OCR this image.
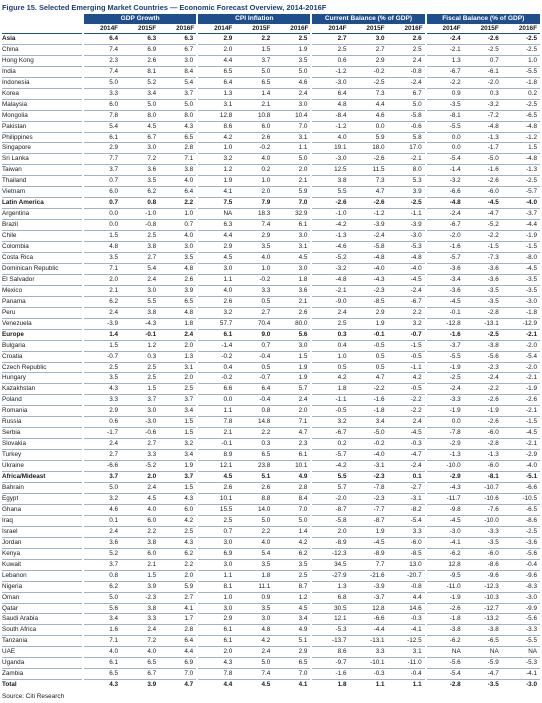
Figure 15. Selected Emerging Market Countries — Economic Forecast Overview, 2014-2016F
	GDP Growth			CPI Inflation			Current Balance (% of GDP)			Fiscal Balance (% of GDP)		
	2014F	2015F	2016F	2014F	2015F	2016F	2014F	2015F	2016F	2014F	2015F	2016F
Asia	6.4	6.3	6.3	2.9	2.2	2.5	2.7	3.0	2.6	-2.4	-2.6	-2.5
China	7.4	6.9	6.7	2.0	1.5	1.9	2.5	2.7	2.5	-2.1	-2.5	-2.5
Hong Kong	2.3	2.6	3.0	4.4	3.7	3.5	0.6	2.9	2.4	1.3	0.7	1.0
India	7.4	8.1	8.4	6.5	5.0	5.0	-1.2	-0.2	-0.8	-6.7	-6.1	-5.5
Indonesia	5.0	5.2	5.4	6.4	6.5	4.6	-3.0	-2.5	-2.4	-2.2	-2.0	-1.8
Korea	3.3	3.4	3.7	1.3	1.4	2.4	6.4	7.3	6.7	0.9	0.3	0.2
Malaysia	6.0	5.0	5.0	3.1	2.1	3.0	4.8	4.4	5.0	-3.5	-3.2	-2.5
Mongolia	7.8	8.0	8.0	12.8	10.8	10.4	-8.4	4.6	-5.8	-8.1	-7.2	-6.5
Pakistan	5.4	4.5	4.3	8.6	6.0	7.0	-1.2	0.0	-0.6	-5.5	-4.8	-4.8
Philippines	6.1	6.7	6.5	4.2	2.6	3.1	4.0	5.9	5.8	0.0	-1.3	-1.2
Singapore	2.9	3.0	2.8	1.0	-0.2	1.1	19.1	18.0	17.0	0.0	-1.7	1.5
Sri Lanka	7.7	7.2	7.1	3.2	4.0	5.0	-3.0	-2.6	-2.1	-5.4	-5.0	-4.8
Taiwan	3.7	3.6	3.8	1.2	0.2	2.0	12.5	11.5	8.0	-1.4	-1.6	-1.3
Thailand	0.7	3.5	4.0	1.9	1.0	2.1	3.8	7.3	5.3	-3.2	-2.6	-2.5
Vietnam	6.0	6.2	6.4	4.1	2.0	5.9	5.5	4.7	3.9	-6.6	-6.0	-5.7
Latin America	0.7	0.8	2.2	7.5	7.9	7.0	-2.6	-2.6	-2.5	-4.8	-4.5	-4.0
Argentina	0.0	-1.0	1.0	NA	18.3	32.9	-1.0	-1.2	-1.1	-2.4	-4.7	-3.7
Brazil	0.0	-0.8	0.7	6.3	7.4	6.1	-4.2	-3.9	-3.9	-6.7	-5.2	-4.4
Chile	1.5	2.5	4.0	4.4	2.9	3.0	-1.3	-2.4	-3.0	-2.0	-2.2	-1.9
Colombia	4.8	3.8	3.0	2.9	3.5	3.1	-4.6	-5.8	-5.3	-1.6	-1.5	-1.5
Costa Rica	3.5	2.7	3.5	4.5	4.0	4.5	-5.2	-4.8	-4.8	-5.7	-7.3	-8.0
Dominican Republic	7.1	5.4	4.8	3.0	1.0	3.0	-3.2	-4.0	-4.0	-3.6	-3.6	-4.5
El Salvador	2.0	2.4	2.6	1.1	-0.2	1.8	-4.8	-4.3	-4.5	-3.4	-3.6	-3.5
Mexico	2.1	3.0	3.9	4.0	3.3	3.6	-2.1	-2.3	-2.4	-3.6	-3.5	-3.5
Panama	6.2	5.5	6.5	2.6	0.5	2.1	-9.0	-8.5	-6.7	-4.5	-3.5	-3.0
Peru	2.4	3.8	4.8	3.2	2.7	2.6	2.4	2.9	2.2	-0.1	-2.8	-1.8
Venezuela	-3.9	-4.3	1.8	57.7	70.4	80.0	2.5	1.9	3.2	-12.8	-13.1	-12.9
Europe	1.4	-0.1	2.4	6.1	9.0	5.6	0.3	-0.1	-0.7	-1.6	-2.5	-2.1
Bulgaria	1.5	1.2	2.0	-1.4	0.7	3.0	0.4	-0.5	-1.5	-3.7	-3.8	-2.0
Croatia	-0.7	0.3	1.3	-0.2	-0.4	1.5	1.0	0.5	-0.5	-5.5	-5.6	-5.4
Czech Republic	2.5	2.5	3.1	0.4	0.5	1.9	0.5	0.5	-1.1	-1.9	-2.3	-2.0
Hungary	3.5	2.5	2.0	-0.2	-0.7	1.9	4.2	4.7	4.2	-2.5	-2.4	-2.1
Kazakhstan	4.3	1.5	2.5	6.6	6.4	5.7	1.8	-2.2	-0.5	-2.4	-2.2	-1.9
Poland	3.3	3.7	3.7	0.0	-0.4	2.4	-1.1	-1.6	-2.2	-3.3	-2.6	-2.6
Romania	2.9	3.0	3.4	1.1	0.8	2.0	-0.5	-1.8	-2.2	-1.9	-1.9	-2.1
Russia	0.6	-3.0	1.5	7.8	14.8	7.1	3.2	3.4	2.4	0.0	-2.6	-1.5
Serbia	-1.7	-0.6	1.5	2.1	2.2	4.7	-6.7	-5.0	-4.5	-7.8	-6.0	-4.5
Slovakia	2.4	2.7	3.2	-0.1	0.3	2.3	0.2	-0.2	-0.3	-2.9	-2.8	-2.1
Turkey	2.7	3.3	3.4	8.9	6.5	6.1	-5.7	-4.0	-4.7	-1.3	-1.3	-2.9
Ukraine	-6.6	-5.2	1.9	12.1	23.8	10.1	-4.2	-3.1	-2.4	-10.0	-6.0	-4.0
Africa/Mideast	3.7	2.0	3.7	4.5	5.1	4.9	5.5	-2.3	0.1	-2.9	-8.1	-5.1
Bahrain	5.0	2.4	1.5	2.6	2.6	2.8	5.7	-7.8	-2.7	-4.3	-10.7	-6.6
Egypt	3.2	4.5	4.3	10.1	8.8	8.4	-2.0	-2.3	-3.1	-11.7	-10.6	-10.5
Ghana	4.6	4.0	6.0	15.5	14.0	7.0	-8.7	-7.7	-8.2	-9.8	-7.6	-6.5
Iraq	0.1	6.0	4.2	2.5	5.0	5.0	-5.8	-8.7	-5.4	-4.5	-10.0	-8.6
Israel	2.4	2.2	2.5	0.7	2.2	1.4	2.0	1.9	3.3	-3.0	-3.3	-2.5
Jordan	3.6	3.8	4.3	3.0	4.0	4.2	-8.9	-4.5	-6.0	-4.1	-3.5	-3.6
Kenya	5.2	6.0	6.2	6.9	5.4	6.2	-12.3	-8.9	-8.5	-6.2	-6.0	-5.6
Kuwait	3.7	2.1	2.2	3.0	3.5	3.5	34.5	7.7	13.0	12.8	-8.6	-0.4
Lebanon	0.8	1.5	2.0	1.1	1.8	2.5	-27.9	-21.6	-20.7	-9.5	-9.6	-9.6
Nigeria	6.2	3.9	5.9	8.1	11.1	8.7	1.3	-3.9	-0.8	-11.0	-12.3	-8.3
Oman	5.0	-2.3	2.7	1.0	0.9	1.2	6.8	-3.7	4.4	-1.9	-10.3	-3.0
Qatar	5.6	3.8	4.1	3.0	3.5	4.5	30.5	12.8	14.6	-2.6	-12.7	-9.9
Saudi Arabia	3.4	3.3	1.7	2.9	3.0	3.4	12.1	-6.6	-0.3	-1.8	-13.2	-5.6
South Africa	1.6	2.4	2.8	6.1	4.8	4.9	-5.3	-4.4	-4.1	-3.8	-3.8	-3.3
Tanzania	7.1	7.2	6.4	6.1	4.2	5.1	-13.7	-13.1	-12.5	-6.2	-6.5	-5.5
UAE	4.0	4.0	4.4	2.0	2.4	2.9	8.6	3.3	3.1	NA	NA	NA
Uganda	6.1	6.5	6.9	4.3	5.0	6.5	-9.7	-10.1	-11.0	-5.6	-5.9	-5.3
Zambia	6.5	6.7	7.0	7.8	7.4	7.0	-1.6	-0.3	-0.4	-5.4	-4.7	-4.1
Total	4.3	3.9	4.7	4.4	4.5	4.1	1.8	1.1	1.1	-2.8	-3.5	-3.0
Source: Citi Research
